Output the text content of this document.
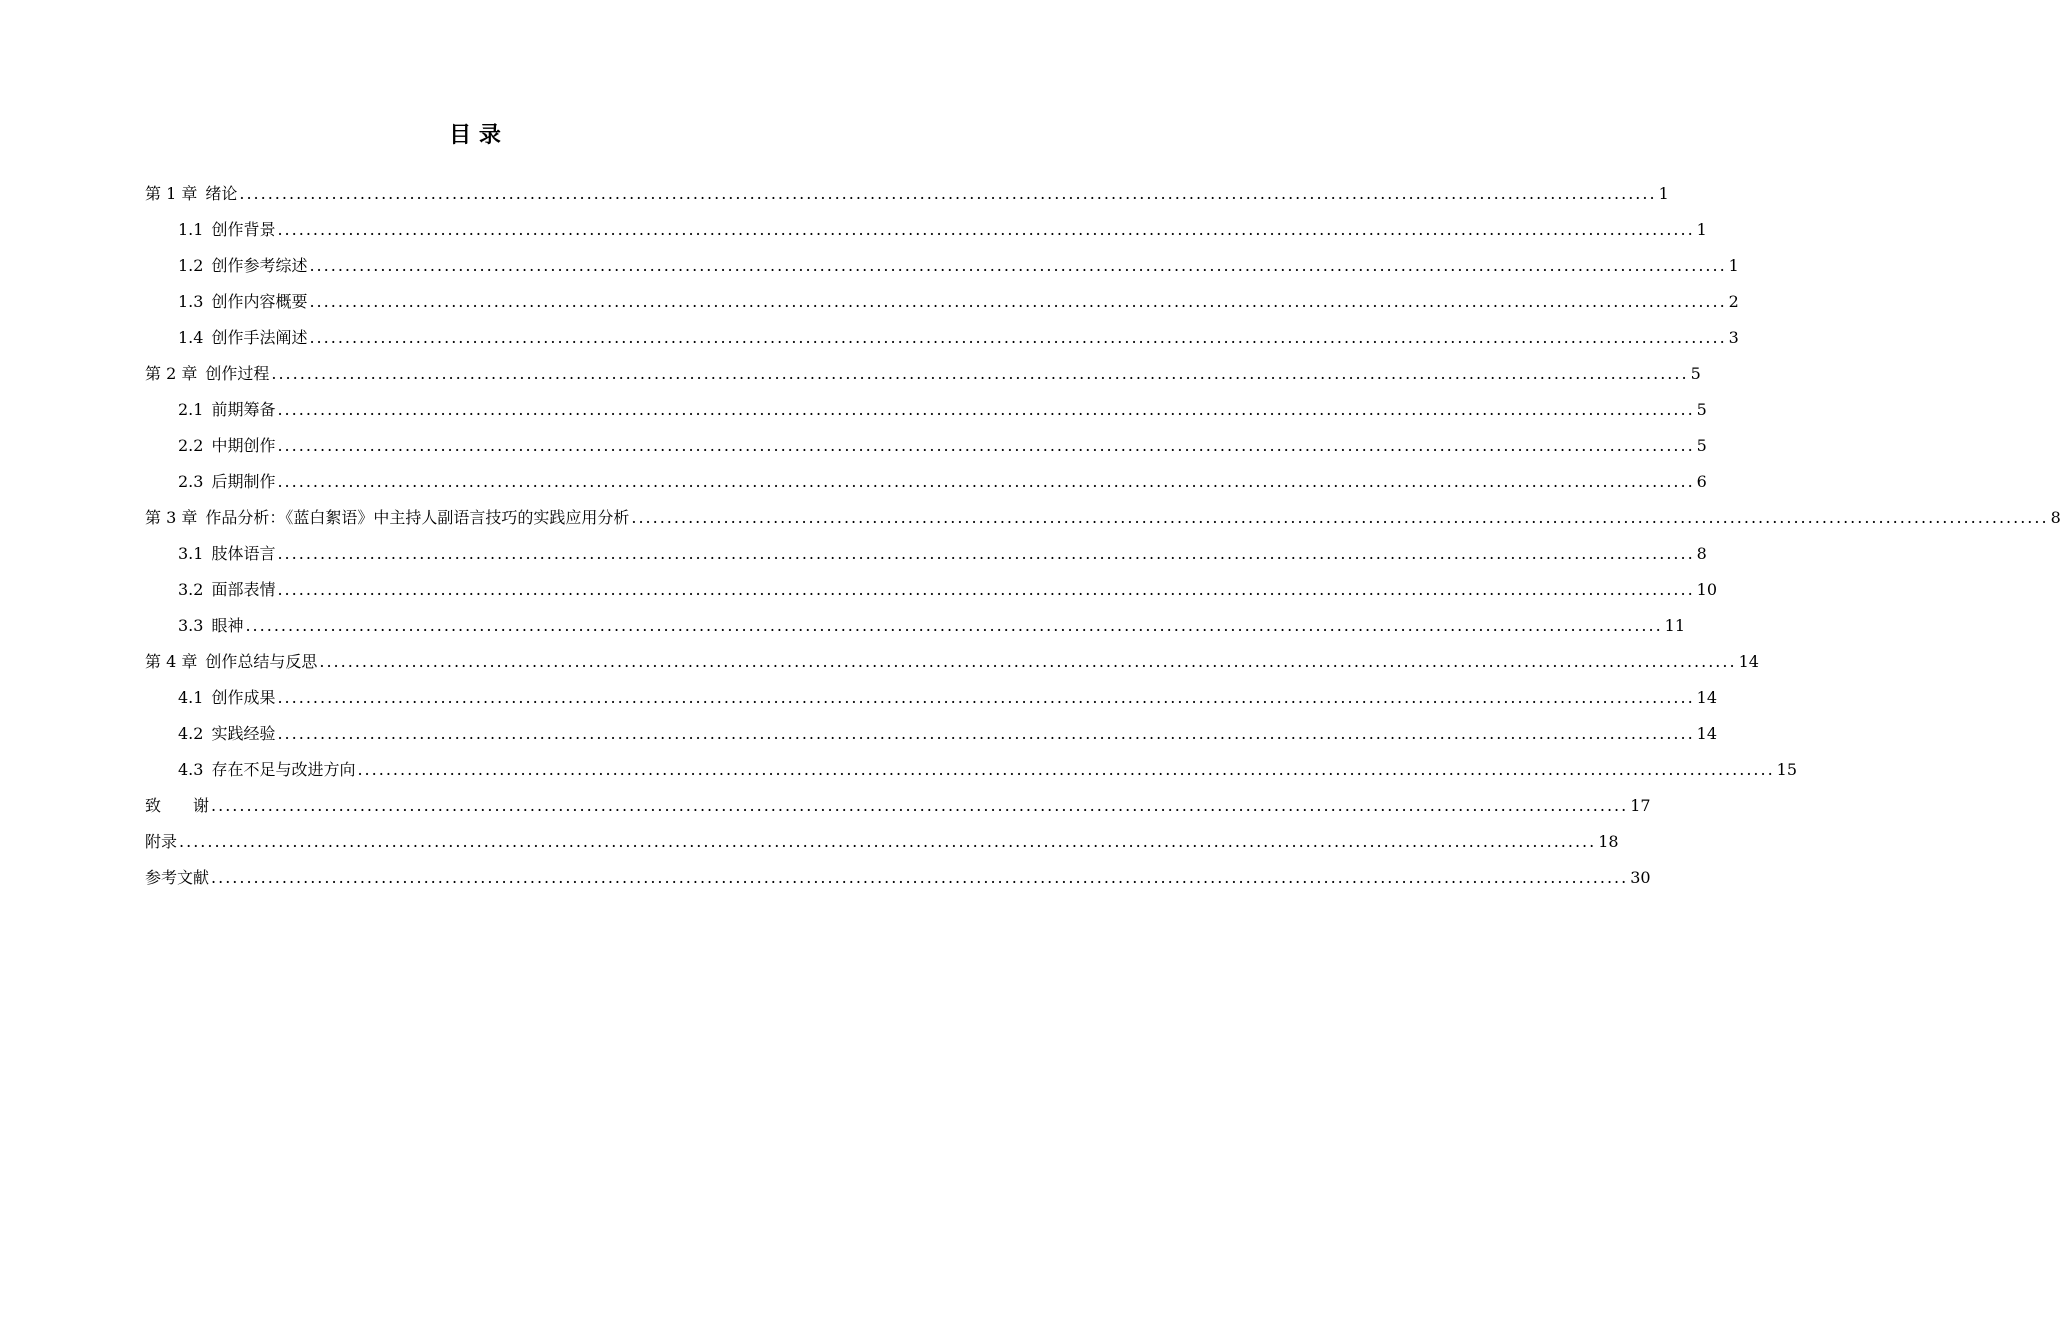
目 录
第 1 章 绪论 ........................................................................................................................................................................................................ 1
1.1 创作背景 ........................................................................................................................................................................................................ 1
1.2 创作参考综述 ........................................................................................................................................................................................................ 1
1.3 创作内容概要 ........................................................................................................................................................................................................ 2
1.4 创作手法阐述 ........................................................................................................................................................................................................ 3
第 2 章 创作过程 ........................................................................................................................................................................................................ 5
2.1 前期筹备 ........................................................................................................................................................................................................ 5
2.2 中期创作 ........................................................................................................................................................................................................ 5
2.3 后期制作 ........................................................................................................................................................................................................ 6
第 3 章 作品分析：《蓝白絮语》中主持人副语言技巧的实践应用分析 ........................................................................................................................................................................................................ 8
3.1 肢体语言 ........................................................................................................................................................................................................ 8
3.2 面部表情 ........................................................................................................................................................................................................ 10
3.3 眼神 ........................................................................................................................................................................................................ 11
第 4 章 创作总结与反思 ........................................................................................................................................................................................................ 14
4.1 创作成果 ........................................................................................................................................................................................................ 14
4.2 实践经验 ........................................................................................................................................................................................................ 14
4.3 存在不足与改进方向 ........................................................................................................................................................................................................ 15
致　　谢 ........................................................................................................................................................................................................ 17
附录 ........................................................................................................................................................................................................ 18
参考文献 ........................................................................................................................................................................................................ 30
